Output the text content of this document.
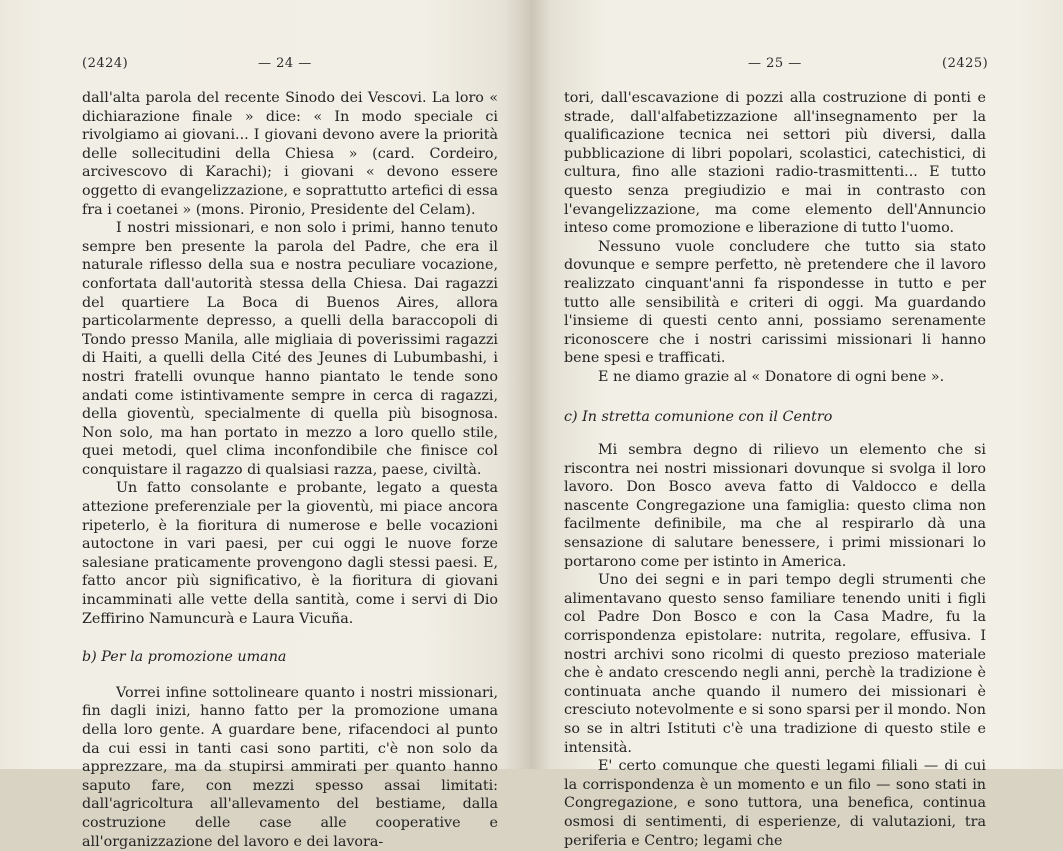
(2424)	— 24 —

dall'alta parola del recente Sinodo dei Vescovi. La loro « dichiarazione finale » dice: « In modo speciale ci rivolgiamo ai giovani... I giovani devono avere la priorità delle sollecitudini della Chiesa » (card. Cordeiro, arcivescovo di Karachi); i giovani « devono essere oggetto di evangelizzazione, e soprattutto artefici di essa fra i coetanei » (mons. Pironio, Presidente del Celam).

I nostri missionari, e non solo i primi, hanno tenuto sempre ben presente la parola del Padre, che era il naturale riflesso della sua e nostra peculiare vocazione, confortata dall'autorità stessa della Chiesa. Dai ragazzi del quartiere La Boca di Buenos Aires, allora particolarmente depresso, a quelli della baraccopoli di Tondo presso Manila, alle migliaia di poverissimi ragazzi di Haiti, a quelli della Cité des Jeunes di Lubumbashi, i nostri fratelli ovunque hanno piantato le tende sono andati come istintivamente sempre in cerca di ragazzi, della gioventù, specialmente di quella più bisognosa. Non solo, ma han portato in mezzo a loro quello stile, quei metodi, quel clima inconfondibile che finisce col conquistare il ragazzo di qualsiasi razza, paese, civiltà.

Un fatto consolante e probante, legato a questa attezione preferenziale per la gioventù, mi piace ancora ripeterlo, è la fioritura di numerose e belle vocazioni autoctone in vari paesi, per cui oggi le nuove forze salesiane praticamente provengono dagli stessi paesi. E, fatto ancor più significativo, è la fioritura di giovani incamminati alle vette della santità, come i servi di Dio Zeffirino Namuncurà e Laura Vicuña.

b) Per la promozione umana

Vorrei infine sottolineare quanto i nostri missionari, fin dagli inizi, hanno fatto per la promozione umana della loro gente. A guardare bene, rifacendoci al punto da cui essi in tanti casi sono partiti, c'è non solo da apprezzare, ma da stupirsi ammirati per quanto hanno saputo fare, con mezzi spesso assai limitati: dall'agricoltura all'allevamento del bestiame, dalla costruzione delle case alle cooperative e all'organizzazione del lavoro e dei lavora-

— 25 —	(2425)

tori, dall'escavazione di pozzi alla costruzione di ponti e strade, dall'alfabetizzazione all'insegnamento per la qualificazione tecnica nei settori più diversi, dalla pubblicazione di libri popolari, scolastici, catechistici, di cultura, fino alle stazioni radio-trasmittenti... E tutto questo senza pregiudizio e mai in contrasto con l'evangelizzazione, ma come elemento dell'Annuncio inteso come promozione e liberazione di tutto l'uomo.

Nessuno vuole concludere che tutto sia stato dovunque e sempre perfetto, nè pretendere che il lavoro realizzato cinquant'anni fa rispondesse in tutto e per tutto alle sensibilità e criteri di oggi. Ma guardando l'insieme di questi cento anni, possiamo serenamente riconoscere che i nostri carissimi missionari li hanno bene spesi e trafficati.

E ne diamo grazie al « Donatore di ogni bene ».

c) In stretta comunione con il Centro

Mi sembra degno di rilievo un elemento che si riscontra nei nostri missionari dovunque si svolga il loro lavoro. Don Bosco aveva fatto di Valdocco e della nascente Congregazione una famiglia: questo clima non facilmente definibile, ma che al respirarlo dà una sensazione di salutare benessere, i primi missionari lo portarono come per istinto in America.

Uno dei segni e in pari tempo degli strumenti che alimentavano questo senso familiare tenendo uniti i figli col Padre Don Bosco e con la Casa Madre, fu la corrispondenza epistolare: nutrita, regolare, effusiva. I nostri archivi sono ricolmi di questo prezioso materiale che è andato crescendo negli anni, perchè la tradizione è continuata anche quando il numero dei missionari è cresciuto notevolmente e si sono sparsi per il mondo. Non so se in altri Istituti c'è una tradizione di questo stile e intensità.

E' certo comunque che questi legami filiali — di cui la corrispondenza è un momento e un filo — sono stati in Congregazione, e sono tuttora, una benefica, continua osmosi di sentimenti, di esperienze, di valutazioni, tra periferia e Centro; legami che
